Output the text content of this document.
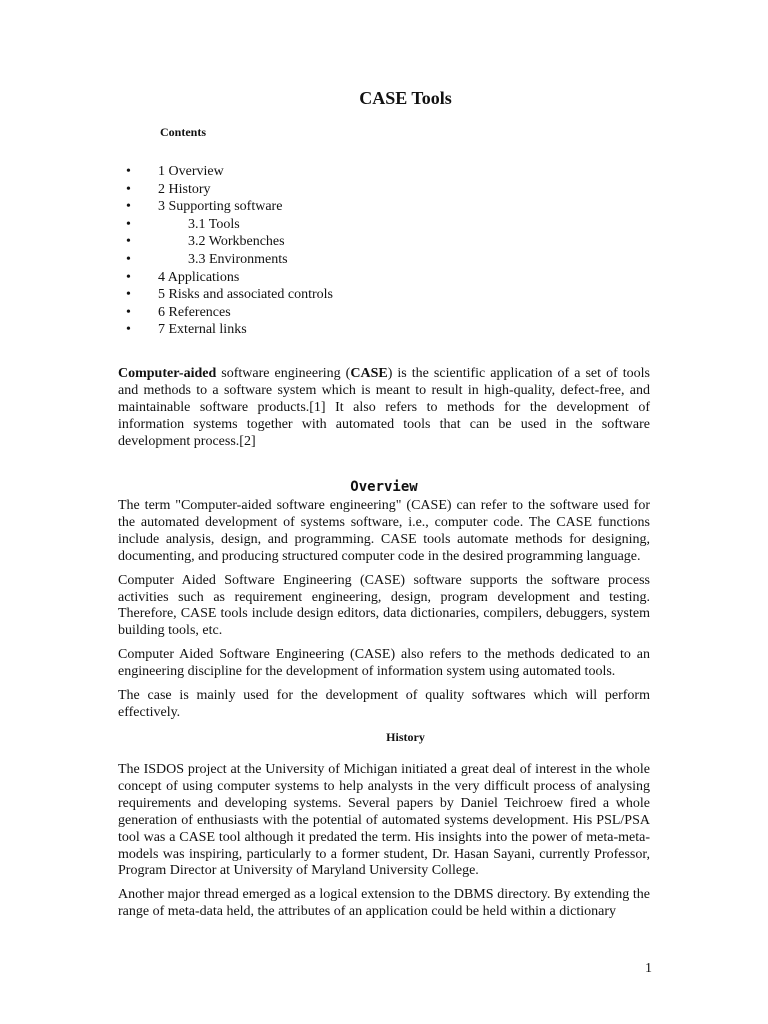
CASE Tools
Contents
• 1 Overview
• 2 History
• 3 Supporting software
• 3.1 Tools
• 3.2 Workbenches
• 3.3 Environments
• 4 Applications
• 5 Risks and associated controls
• 6 References
• 7 External links

Computer-aided software engineering (CASE) is the scientific application of a set of tools and methods to a software system which is meant to result in high-quality, defect-free, and maintainable software products.[1] It also refers to methods for the development of information systems together with automated tools that can be used in the software development process.[2]

Overview

The term "Computer-aided software engineering" (CASE) can refer to the software used for the automated development of systems software, i.e., computer code. The CASE functions include analysis, design, and programming. CASE tools automate methods for designing, documenting, and producing structured computer code in the desired programming language.

Computer Aided Software Engineering (CASE) software supports the software process activities such as requirement engineering, design, program development and testing. Therefore, CASE tools include design editors, data dictionaries, compilers, debuggers, system building tools, etc.

Computer Aided Software Engineering (CASE) also refers to the methods dedicated to an engineering discipline for the development of information system using automated tools.

The case is mainly used for the development of quality softwares which will perform effectively.

History

The ISDOS project at the University of Michigan initiated a great deal of interest in the whole concept of using computer systems to help analysts in the very difficult process of analysing requirements and developing systems. Several papers by Daniel Teichroew fired a whole generation of enthusiasts with the potential of automated systems development. His PSL/PSA tool was a CASE tool although it predated the term. His insights into the power of meta-meta-models was inspiring, particularly to a former student, Dr. Hasan Sayani, currently Professor, Program Director at University of Maryland University College.

Another major thread emerged as a logical extension to the DBMS directory. By extending the range of meta-data held, the attributes of an application could be held within a dictionary

1
